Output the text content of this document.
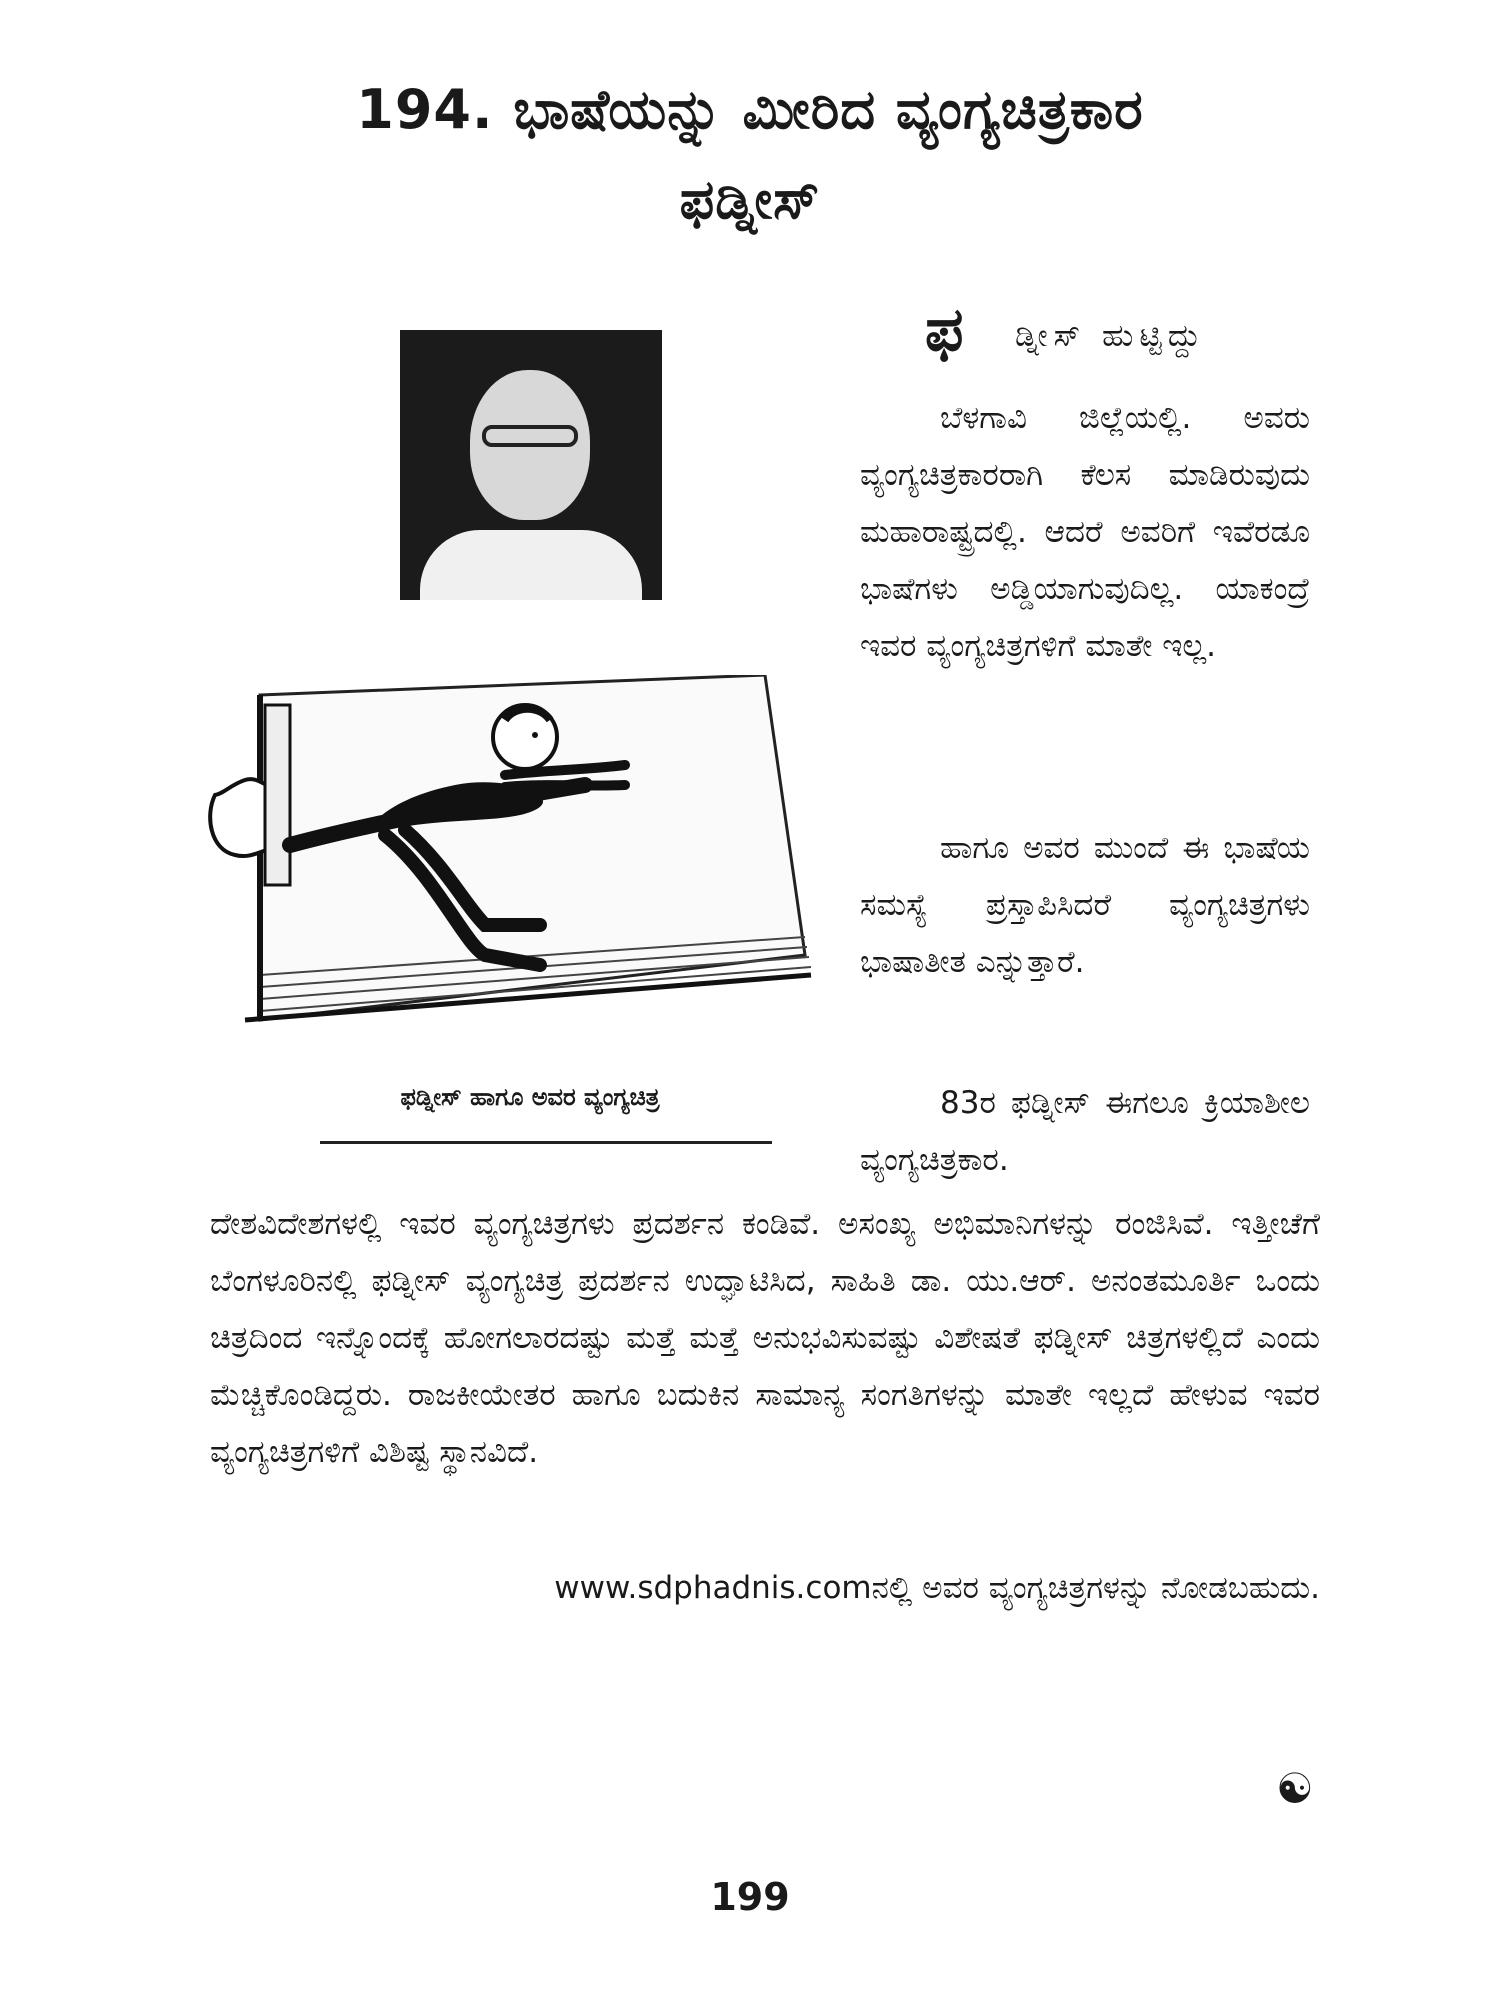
194. ಭಾಷೆಯನ್ನು ಮೀರಿದ ವ್ಯಂಗ್ಯಚಿತ್ರಕಾರ
ಫಡ್ನೀಸ್
ಫಡ್ನೀಸ್ ಹಾಗೂ ಅವರ ವ್ಯಂಗ್ಯಚಿತ್ರ
ಫ ಡ್ನೀಸ್ ಹುಟ್ಟಿದ್ದು

ಬೆಳಗಾವಿ ಜಿಲ್ಲೆಯಲ್ಲಿ. ಅವರು ವ್ಯಂಗ್ಯಚಿತ್ರಕಾರರಾಗಿ ಕೆಲಸ ಮಾಡಿರುವುದು ಮಹಾರಾಷ್ಟ್ರದಲ್ಲಿ. ಆದರೆ ಅವರಿಗೆ ಇವೆರಡೂ ಭಾಷೆಗಳು ಅಡ್ಡಿಯಾಗುವುದಿಲ್ಲ. ಯಾಕಂದ್ರೆ ಇವರ ವ್ಯಂಗ್ಯಚಿತ್ರಗಳಿಗೆ ಮಾತೇ ಇಲ್ಲ.

ಹಾಗೂ ಅವರ ಮುಂದೆ ಈ ಭಾಷೆಯ ಸಮಸ್ಯೆ ಪ್ರಸ್ತಾಪಿಸಿದರೆ ವ್ಯಂಗ್ಯಚಿತ್ರಗಳು ಭಾಷಾತೀತ ಎನ್ನುತ್ತಾರೆ.

83ರ ಫಡ್ನೀಸ್ ಈಗಲೂ ಕ್ರಿಯಾಶೀಲ ವ್ಯಂಗ್ಯಚಿತ್ರಕಾರ.

ದೇಶವಿದೇಶಗಳಲ್ಲಿ ಇವರ ವ್ಯಂಗ್ಯಚಿತ್ರಗಳು ಪ್ರದರ್ಶನ ಕಂಡಿವೆ. ಅಸಂಖ್ಯ ಅಭಿಮಾನಿಗಳನ್ನು ರಂಜಿಸಿವೆ. ಇತ್ತೀಚೆಗೆ ಬೆಂಗಳೂರಿನಲ್ಲಿ ಫಡ್ನೀಸ್ ವ್ಯಂಗ್ಯಚಿತ್ರ ಪ್ರದರ್ಶನ ಉದ್ಘಾಟಿಸಿದ, ಸಾಹಿತಿ ಡಾ. ಯು.ಆರ್. ಅನಂತಮೂರ್ತಿ ಒಂದು ಚಿತ್ರದಿಂದ ಇನ್ನೊಂದಕ್ಕೆ ಹೋಗಲಾರದಷ್ಟು ಮತ್ತೆ ಮತ್ತೆ ಅನುಭವಿಸುವಷ್ಟು ವಿಶೇಷತೆ ಫಡ್ನೀಸ್ ಚಿತ್ರಗಳಲ್ಲಿದೆ ಎಂದು ಮೆಚ್ಚಿಕೊಂಡಿದ್ದರು. ರಾಜಕೀಯೇತರ ಹಾಗೂ ಬದುಕಿನ ಸಾಮಾನ್ಯ ಸಂಗತಿಗಳನ್ನು ಮಾತೇ ಇಲ್ಲದೆ ಹೇಳುವ ಇವರ ವ್ಯಂಗ್ಯಚಿತ್ರಗಳಿಗೆ ವಿಶಿಷ್ಟ ಸ್ಥಾನವಿದೆ.
www.sdphadnis.comನಲ್ಲಿ ಅವರ ವ್ಯಂಗ್ಯಚಿತ್ರಗಳನ್ನು ನೋಡಬಹುದು.
☯
199
